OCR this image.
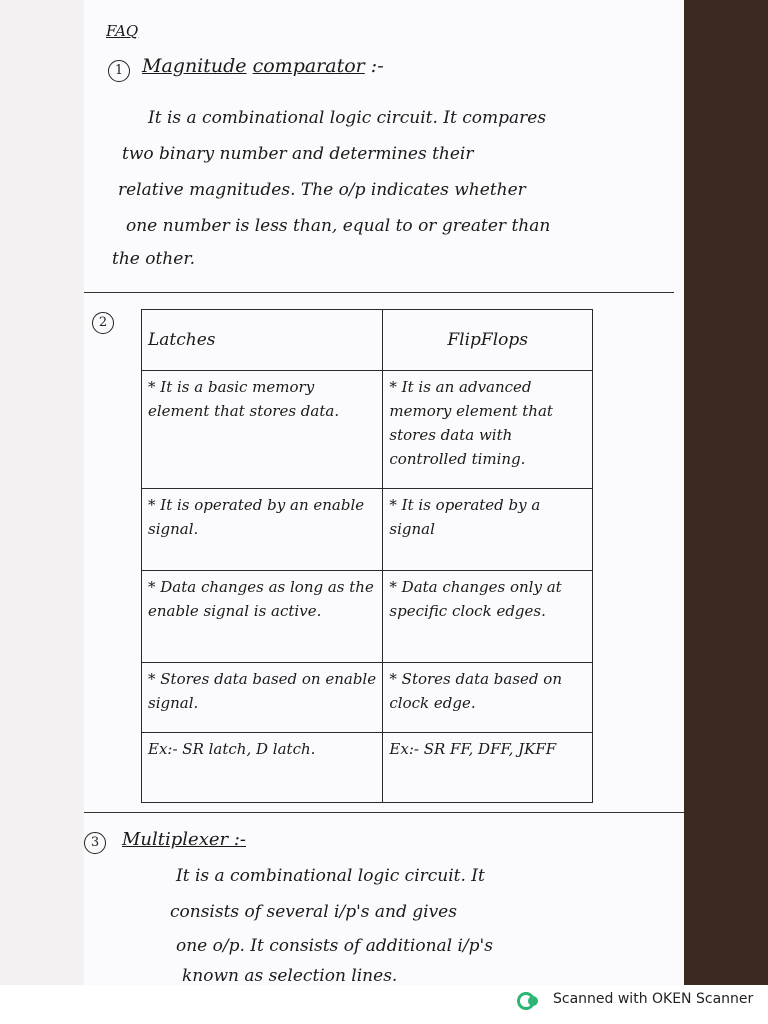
FAQ
1 Magnitude comparator :-
It is a combinational logic circuit. It compares
two binary number and determines their
relative magnitudes. The o/p indicates whether
one number is less than, equal to or greater than
the other.
2
Latches	FlipFlops
* It is a basic memory element that stores data.	* It is an advanced memory element that stores data with controlled timing.
* It is operated by an enable signal.	* It is operated by a signal
* Data changes as long as the enable signal is active.	* Data changes only at specific clock edges.
* Stores data based on enable signal.	* Stores data based on clock edge.
Ex:- SR latch, D latch.	Ex:- SR FF, DFF, JKFF
3	Multiplexer :-
It is a combinational logic circuit. It
consists of several i/p's and gives
one o/p. It consists of additional i/p's
known as selection lines.
Scanned with OKEN Scanner
